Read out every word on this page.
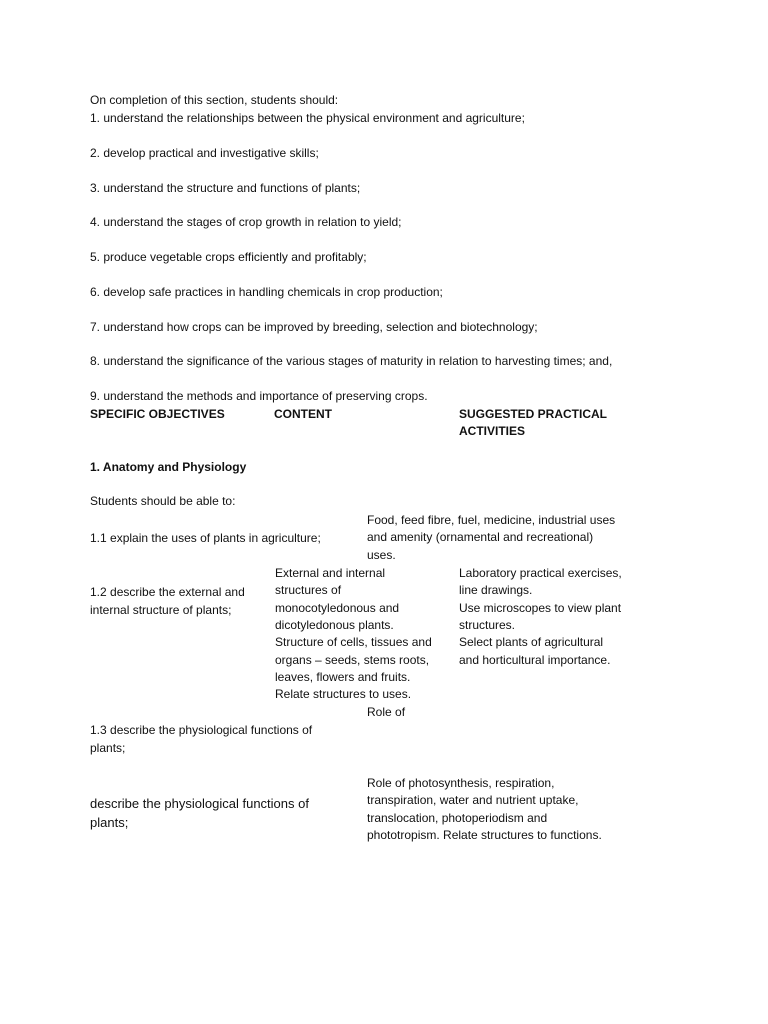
On completion of this section, students should:

1. understand the relationships between the physical environment and agriculture;

2. develop practical and investigative skills;

3. understand the structure and functions of plants;

4. understand the stages of crop growth in relation to yield;

5. produce vegetable crops efficiently and profitably;

6. develop safe practices in handling chemicals in crop production;

7. understand how crops can be improved by breeding, selection and biotechnology;

8. understand the significance of the various stages of maturity in relation to harvesting times; and,

9. understand the methods and importance of preserving crops.

SPECIFIC OBJECTIVES	CONTENT	SUGGESTED PRACTICAL

ACTIVITIES

1. Anatomy and Physiology

Students should be able to:

1.1 explain the uses of plants in agriculture;

Food, feed fibre, fuel, medicine, industrial uses

and amenity (ornamental and recreational)

uses.

1.2 describe the external and

internal structure of plants;

External and internal

structures of

monocotyledonous and

dicotyledonous plants.

Structure of cells, tissues and

organs – seeds, stems roots,

leaves, flowers and fruits.

Relate structures to uses.

Laboratory practical exercises,

line drawings.

Use microscopes to view plant

structures.

Select plants of agricultural

and horticultural importance.

Role of

1.3 describe the physiological functions of

plants;

describe the physiological functions of

plants;

Role of photosynthesis, respiration,

transpiration, water and nutrient uptake,

translocation, photoperiodism and

phototropism. Relate structures to functions.
